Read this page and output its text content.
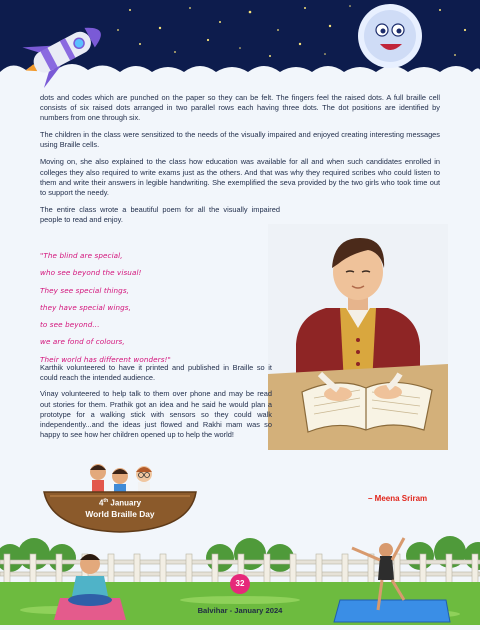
dots and codes which are punched on the paper so they can be felt. The fingers feel the raised dots. A full braille cell consists of six raised dots arranged in two parallel rows each having three dots. The dot positions are identified by numbers from one through six.

The children in the class were sensitized to the needs of the visually impaired and enjoyed creating interesting messages using Braille cells.

Moving on, she also explained to the class how education was available for all and when such candidates enrolled in colleges they also required to write exams just as the others. And that was why they required scribes who could listen to them and write their answers in legible handwriting. She exemplified the seva provided by the two girls who took time out to support the needy.

The entire class wrote a beautiful poem for all the visually impaired people to read and enjoy.

"The blind are special,
who see beyond the visual!
They see special things,
they have special wings,
to see beyond...
we are fond of colours,
Their world has different wonders!"

Karthik volunteered to have it printed and published in Braille so it could reach the intended audience.

Vinay volunteered to help talk to them over phone and may be read out stories for them. Prathik got an idea and he said he would plan a prototype for a walking stick with sensors so they could walk independently...and the ideas just flowed and Rakhi mam was so happy to see how her children opened up to help the world!

4th January
World Braille Day
– Meena Sriram
32
Balvihar - January 2024
